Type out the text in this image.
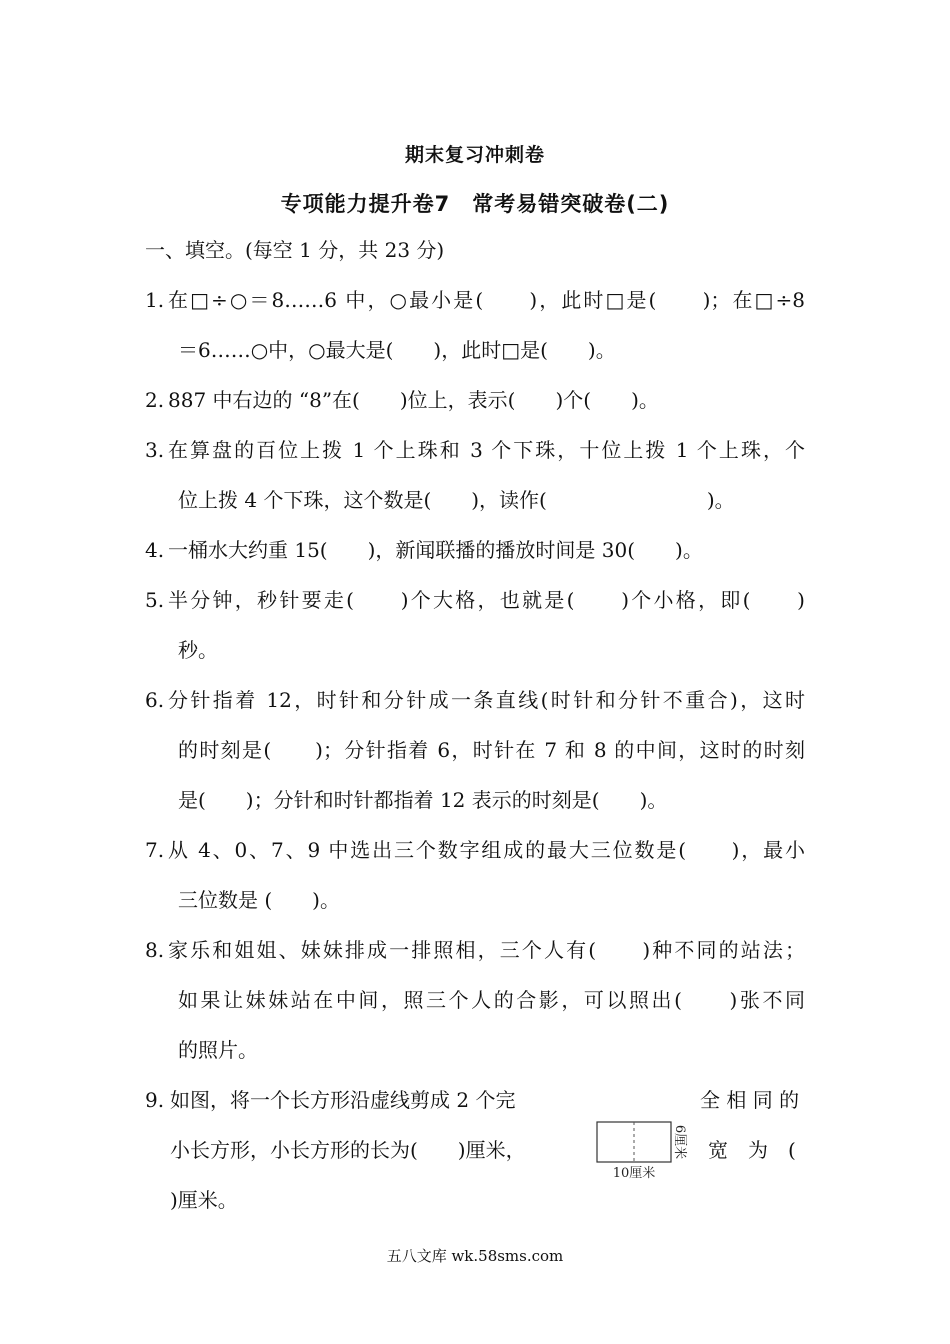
期末复习冲刺卷
专项能力提升卷7　常考易错突破卷(二)
一、填空。(每空 1 分，共 23 分)
1. 在□÷○＝8……6 中，○最小是(　　)，此时□是(　　)；在□÷8
＝6……○中，○最大是(　　)，此时□是(　　)。
2. 887 中右边的 “8”在(　　)位上，表示(　　)个(　　)。
3. 在算盘的百位上拨 1 个上珠和 3 个下珠，十位上拨 1 个上珠，个
位上拨 4 个下珠，这个数是(　　)，读作(　　　　　　　　)。
4. 一桶水大约重 15(　　)，新闻联播的播放时间是 30(　　)。
5. 半分钟，秒针要走(　　)个大格，也就是(　　)个小格，即(　　)
秒。
6. 分针指着 12，时针和分针成一条直线(时针和分针不重合)，这时
的时刻是(　　)；分针指着 6，时针在 7 和 8 的中间，这时的时刻
是(　　)；分针和时针都指着 12 表示的时刻是(　　)。
7. 从 4、0、7、9 中选出三个数字组成的最大三位数是(　　)，最小
三位数是 (　　)。
8. 家乐和姐姐、妹妹排成一排照相，三个人有(　　)种不同的站法；
如果让妹妹站在中间，照三个人的合影，可以照出(　　)张不同
的照片。
9. 如图，将一个长方形沿虚线剪成 2 个完	全 相 同 的
小长方形，小长方形的长为(　　)厘米，	宽　为　(
)厘米。
10厘米
6厘米
五八文库 wk.58sms.com
